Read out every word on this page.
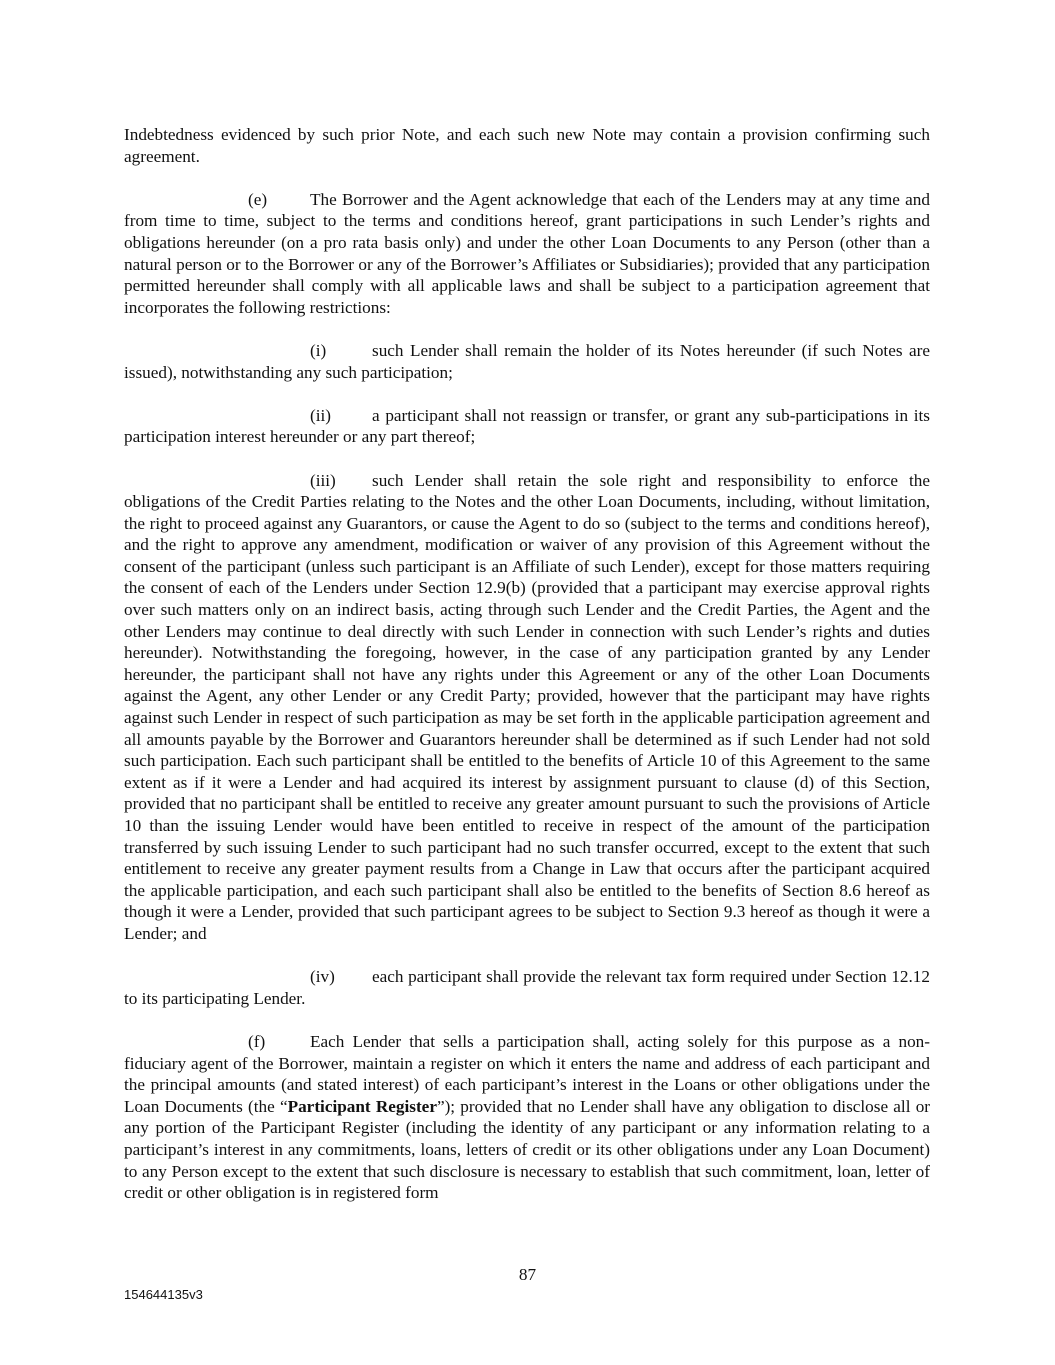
Indebtedness evidenced by such prior Note, and each such new Note may contain a provision confirming such agreement.

(e) The Borrower and the Agent acknowledge that each of the Lenders may at any time and from time to time, subject to the terms and conditions hereof, grant participations in such Lender’s rights and obligations hereunder (on a pro rata basis only) and under the other Loan Documents to any Person (other than a natural person or to the Borrower or any of the Borrower’s Affiliates or Subsidiaries); provided that any participation permitted hereunder shall comply with all applicable laws and shall be subject to a participation agreement that incorporates the following restrictions:

(i)	such Lender shall remain the holder of its Notes hereunder (if such Notes are issued), notwithstanding any such participation;

(ii) a participant shall not reassign or transfer, or grant any sub-participations in its participation interest hereunder or any part thereof;

(iii) such Lender shall retain the sole right and responsibility to enforce the obligations of the Credit Parties relating to the Notes and the other Loan Documents, including, without limitation, the right to proceed against any Guarantors, or cause the Agent to do so (subject to the terms and conditions hereof), and the right to approve any amendment, modification or waiver of any provision of this Agreement without the consent of the participant (unless such participant is an Affiliate of such Lender), except for those matters requiring the consent of each of the Lenders under Section 12.9(b) (provided that a participant may exercise approval rights over such matters only on an indirect basis, acting through such Lender and the Credit Parties, the Agent and the other Lenders may continue to deal directly with such Lender in connection with such Lender’s rights and duties hereunder). Notwithstanding the foregoing, however, in the case of any participation granted by any Lender hereunder, the participant shall not have any rights under this Agreement or any of the other Loan Documents against the Agent, any other Lender or any Credit Party; provided, however that the participant may have rights against such Lender in respect of such participation as may be set forth in the applicable participation agreement and all amounts payable by the Borrower and Guarantors hereunder shall be determined as if such Lender had not sold such participation. Each such participant shall be entitled to the benefits of Article 10 of this Agreement to the same extent as if it were a Lender and had acquired its interest by assignment pursuant to clause (d) of this Section, provided that no participant shall be entitled to receive any greater amount pursuant to such the provisions of Article 10 than the issuing Lender would have been entitled to receive in respect of the amount of the participation transferred by such issuing Lender to such participant had no such transfer occurred, except to the extent that such entitlement to receive any greater payment results from a Change in Law that occurs after the participant acquired the applicable participation, and each such participant shall also be entitled to the benefits of Section 8.6 hereof as though it were a Lender, provided that such participant agrees to be subject to Section 9.3 hereof as though it were a Lender; and

(iv) each participant shall provide the relevant tax form required under Section 12.12 to its participating Lender.

(f)	Each Lender that sells a participation shall, acting solely for this purpose as a non-fiduciary agent of the Borrower, maintain a register on which it enters the name and address of each participant and the principal amounts (and stated interest) of each participant’s interest in the Loans or other obligations under the Loan Documents (the “Participant Register”); provided that no Lender shall have any obligation to disclose all or any portion of the Participant Register (including the identity of any participant or any information relating to a participant’s interest in any commitments, loans, letters of credit or its other obligations under any Loan Document) to any Person except to the extent that such disclosure is necessary to establish that such commitment, loan, letter of credit or other obligation is in registered form

87
154644135v3
